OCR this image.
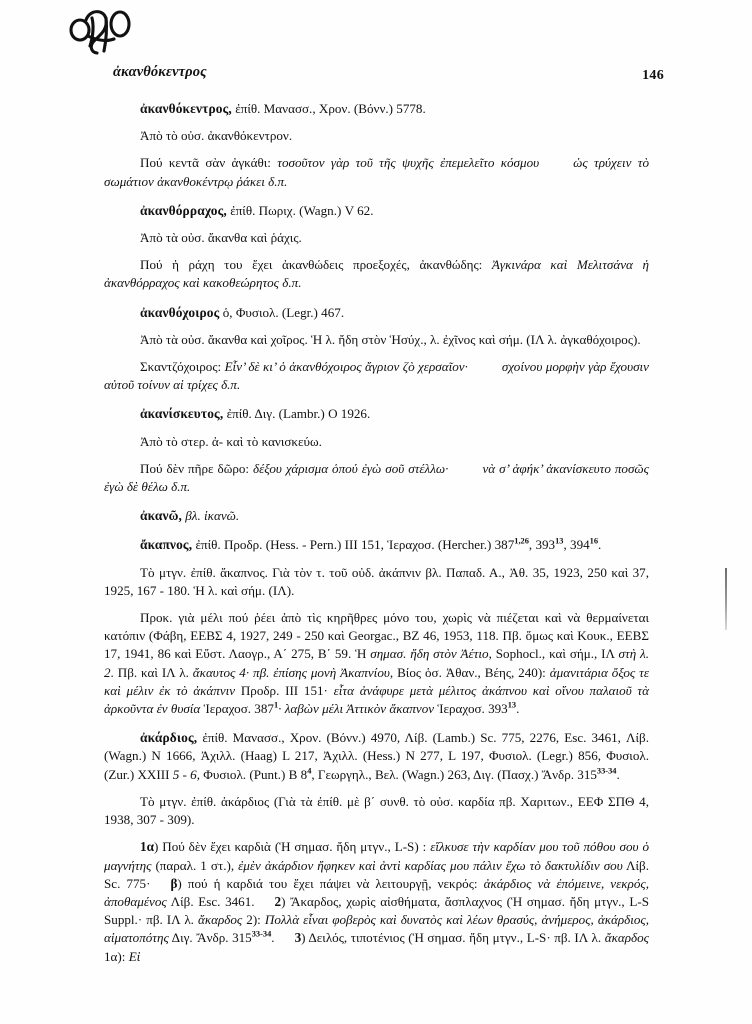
ἀκανθόκεντρος	146

ἀκανθόκεντρος, ἐπίθ. Μανασσ., Χρον. (Βόνν.) 5778.

Ἀπὸ τὸ οὐσ. ἀκανθόκεντρον.

Πού κεντᾶ σὰν ἀγκάθι: τοσοῦτον γὰρ τοῦ τῆς ψυχῆς ἐπεμελεῖτο κόσμου	ὡς τρύχειν τὸ σωμάτιον ἀκανθοκέντρῳ ῥάκει δ.π.

ἀκανθόρραχος, ἐπίθ. Πωριχ. (Wagn.) V 62.

Ἀπὸ τὰ οὐσ. ἄκανθα καὶ ῥάχις.

Πού ἡ ράχη του ἔχει ἀκανθώδεις προεξοχές, ἀκανθώδης: Ἀγκινάρα καὶ Μελιτσάνα ἡ ἀκανθόρραχος καὶ κακοθεώρητος δ.π.

ἀκανθόχοιρος ὁ, Φυσιολ. (Legr.) 467.

Ἀπὸ τὰ οὐσ. ἄκανθα καὶ χοῖρος. Ἡ λ. ἤδη στὸν Ἡσύχ., λ. ἐχῖνος καὶ σήμ. (ΙΛ λ. ἀγκαθόχοιρος).

Σκαντζόχοιρος: Εἶν’ δὲ κι’ ὁ ἀκανθόχοιρος ἄγριον ζὸ χερσαῖον·	σχοίνου μορφὴν γὰρ ἔχουσιν αὐτοῦ τοίνυν αἱ τρίχες δ.π.

ἀκανίσκευτος, ἐπίθ. Διγ. (Lambr.) Ο 1926.

Ἀπὸ τὸ στερ. ἀ- καὶ τὸ κανισκεύω.

Πού δὲν πῆρε δῶρο: δέξου χάρισμα ὁπού ἐγὼ σοῦ στέλλω·	νὰ σ’ ἀφήκ’ ἀκανίσκευτο ποσῶς ἐγὼ δὲ θέλω δ.π.

ἀκανῶ, βλ. ἱκανῶ.

ἄκαπνος, ἐπίθ. Προδρ. (Hess. - Pern.) III 151, Ἱεραχοσ. (Hercher.) 387$^{1,26}$, $393^{13}$, $394^{16}$.

Τὸ μτγν. ἐπίθ. ἄκαπνος. Γιὰ τὸν τ. τοῦ οὐδ. ἀκάπνιν βλ. Παπαδ. Α., Ἀθ. 35, 1923, 250 καὶ 37, 1925, 167 - 180. Ἡ λ. καὶ σήμ. (ΙΛ).

Προκ. γιὰ μέλι πού ῥέει ἀπὸ τὶς κηρῆθρες μόνο του, χωρὶς νὰ πιέζεται καὶ νὰ θερμαίνεται κατόπιν (Φάβη, ΕΕΒΣ 4, 1927, 249 - 250 καὶ Georgac., BZ 46, 1953, 118. Πβ. ὅμως καὶ Κουκ., ΕΕΒΣ 17, 1941, 86 καὶ Εὔστ. Λαογρ., Α΄ 275, Β΄ 59. Ἡ σημασ. ἤδη στὸν Ἀέτιο, Sophocl., καὶ σήμ., ΙΛ στὴ λ. 2. Πβ. καὶ ΙΛ λ. ἄκαυτος 4· πβ. ἐπίσης μονὴ Ἀκαπνίου, Βίος ὁσ. Ἀθαν., Βέης, 240): ἀμανιτάρια ὄξος τε καὶ μέλιν ἐκ τὸ ἀκάπνιν Προδρ. III 151· εἶτα ἀνάφυρε μετὰ μέλιτος ἀκάπνου καὶ οἴνου παλαιοῦ τὰ ἀρκοῦντα ἐν θυσία Ἱεραχοσ. $387^1\cdot$ λαβὼν μέλι Ἀττικὸν ἄκαπνον Ἱεραχοσ. $393^{13}$.

ἀκάρδιος, ἐπίθ. Μανασσ., Χρον. (Βόνν.) 4970, Λίβ. (Lamb.) Sc. 775, 2276, Esc. 3461, Λίβ. (Wagn.) Ν 1666, Ἀχιλλ. (Haag) L 217, Ἀχιλλ. (Hess.) Ν 277, L 197, Φυσιολ. (Legr.) 856, Φυσιολ. (Zur.) XXIII 5 - 6, Φυσιολ. (Punt.) Β $8^4$, Γεωργηλ., Βελ. (Wagn.) 263, Διγ. (Πασχ.) Ἄνδρ. 315$^{33-34}$.

Τὸ μτγν. ἐπίθ. ἀκάρδιος (Γιὰ τὰ ἐπίθ. μὲ β΄ συνθ. τὸ οὐσ. καρδία πβ. Χαριτων., ΕΕΦ ΣΠΘ 4, 1938, 307 - 309).

1α) Πού δὲν ἔχει καρδιὰ (Ἡ σημασ. ἤδη μτγν., L-S) : εἵλκυσε τὴν καρδίαν μου τοῦ πόθου σου ὁ μαγνήτης (παραλ. 1 στ.), ἐμὲν ἀκάρδιον ἤφηκεν καὶ ἀντὶ καρδίας μου πάλιν ἔχω τὸ δακτυλίδιν σου Λίβ. Sc. 775· β) πού ἡ καρδιά του ἔχει πάψει νὰ λειτουργῇ, νεκρός: ἀκάρδιος νὰ ἐπόμεινε, νεκρός, ἀποθαμένος Λίβ. Esc. 3461. 2) Ἄκαρδος, χωρὶς αἰσθήματα, ἄσπλαχνος (Ἡ σημασ. ἤδη μτγν., L-S Suppl.· πβ. ΙΛ λ. ἄκαρδος 2): Πολλὰ εἶναι φοβερὸς καὶ δυνατὸς καὶ λέων θρασύς, ἀνήμερος, ἀκάρδιος, αἱματοπότης Διγ. Ἄνδρ. 315$^{33-34}$. 3) Δειλός, τιποτένιος (Ἡ σημασ. ἤδη μτγν., L-S· πβ. ΙΛ λ. ἄκαρδος 1α): Εἰ
